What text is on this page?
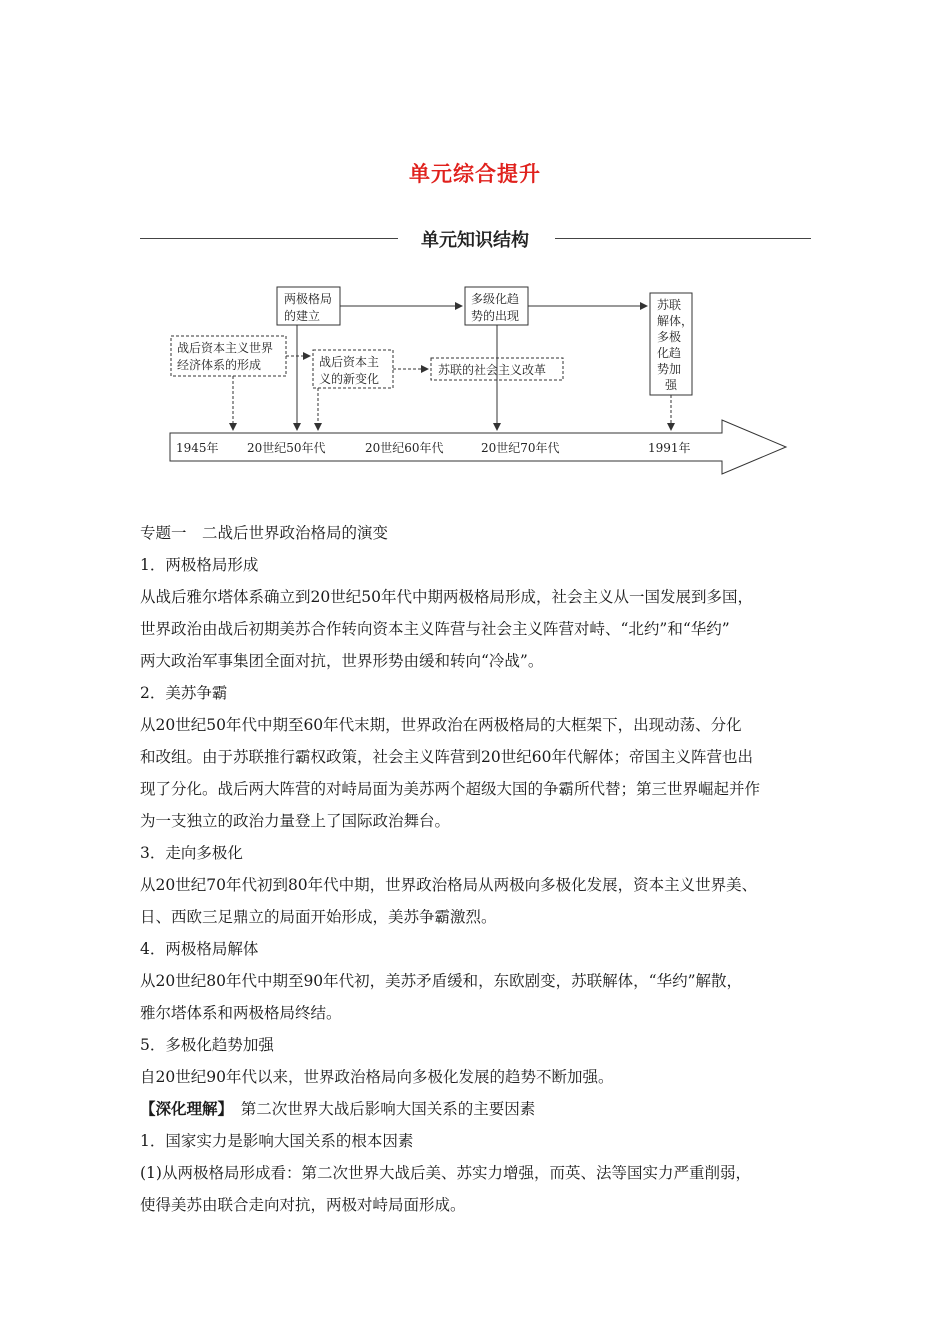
单元综合提升
单元知识结构
两极格局
的建立
多级化趋
势的出现
苏联
解体，
多极
化趋
势加
强
战后资本主义世界
经济体系的形成	战后资本主
义的新变化
苏联的社会主义改革
1945年 20世纪50年代	20世纪60年代	20世纪70年代	1991年

专题一　二战后世界政治格局的演变

1．两极格局形成

从战后雅尔塔体系确立到20世纪50年代中期两极格局形成，社会主义从一国发展到多国，

世界政治由战后初期美苏合作转向资本主义阵营与社会主义阵营对峙、“北约”和“华约”

两大政治军事集团全面对抗，世界形势由缓和转向“冷战”。

2．美苏争霸

从20世纪50年代中期至60年代末期，世界政治在两极格局的大框架下，出现动荡、分化

和改组。由于苏联推行霸权政策，社会主义阵营到20世纪60年代解体；帝国主义阵营也出

现了分化。战后两大阵营的对峙局面为美苏两个超级大国的争霸所代替；第三世界崛起并作

为一支独立的政治力量登上了国际政治舞台。

3．走向多极化

从20世纪70年代初到80年代中期，世界政治格局从两极向多极化发展，资本主义世界美、

日、西欧三足鼎立的局面开始形成，美苏争霸激烈。

4．两极格局解体

从20世纪80年代中期至90年代初，美苏矛盾缓和，东欧剧变，苏联解体，“华约”解散，

雅尔塔体系和两极格局终结。

5．多极化趋势加强

自20世纪90年代以来，世界政治格局向多极化发展的趋势不断加强。

【深化理解】　 第二次世界大战后影响大国关系的主要因素

1．国家实力是影响大国关系的根本因素

(1)从两极格局形成看：第二次世界大战后美、苏实力增强，而英、法等国实力严重削弱，

使得美苏由联合走向对抗，两极对峙局面形成。
